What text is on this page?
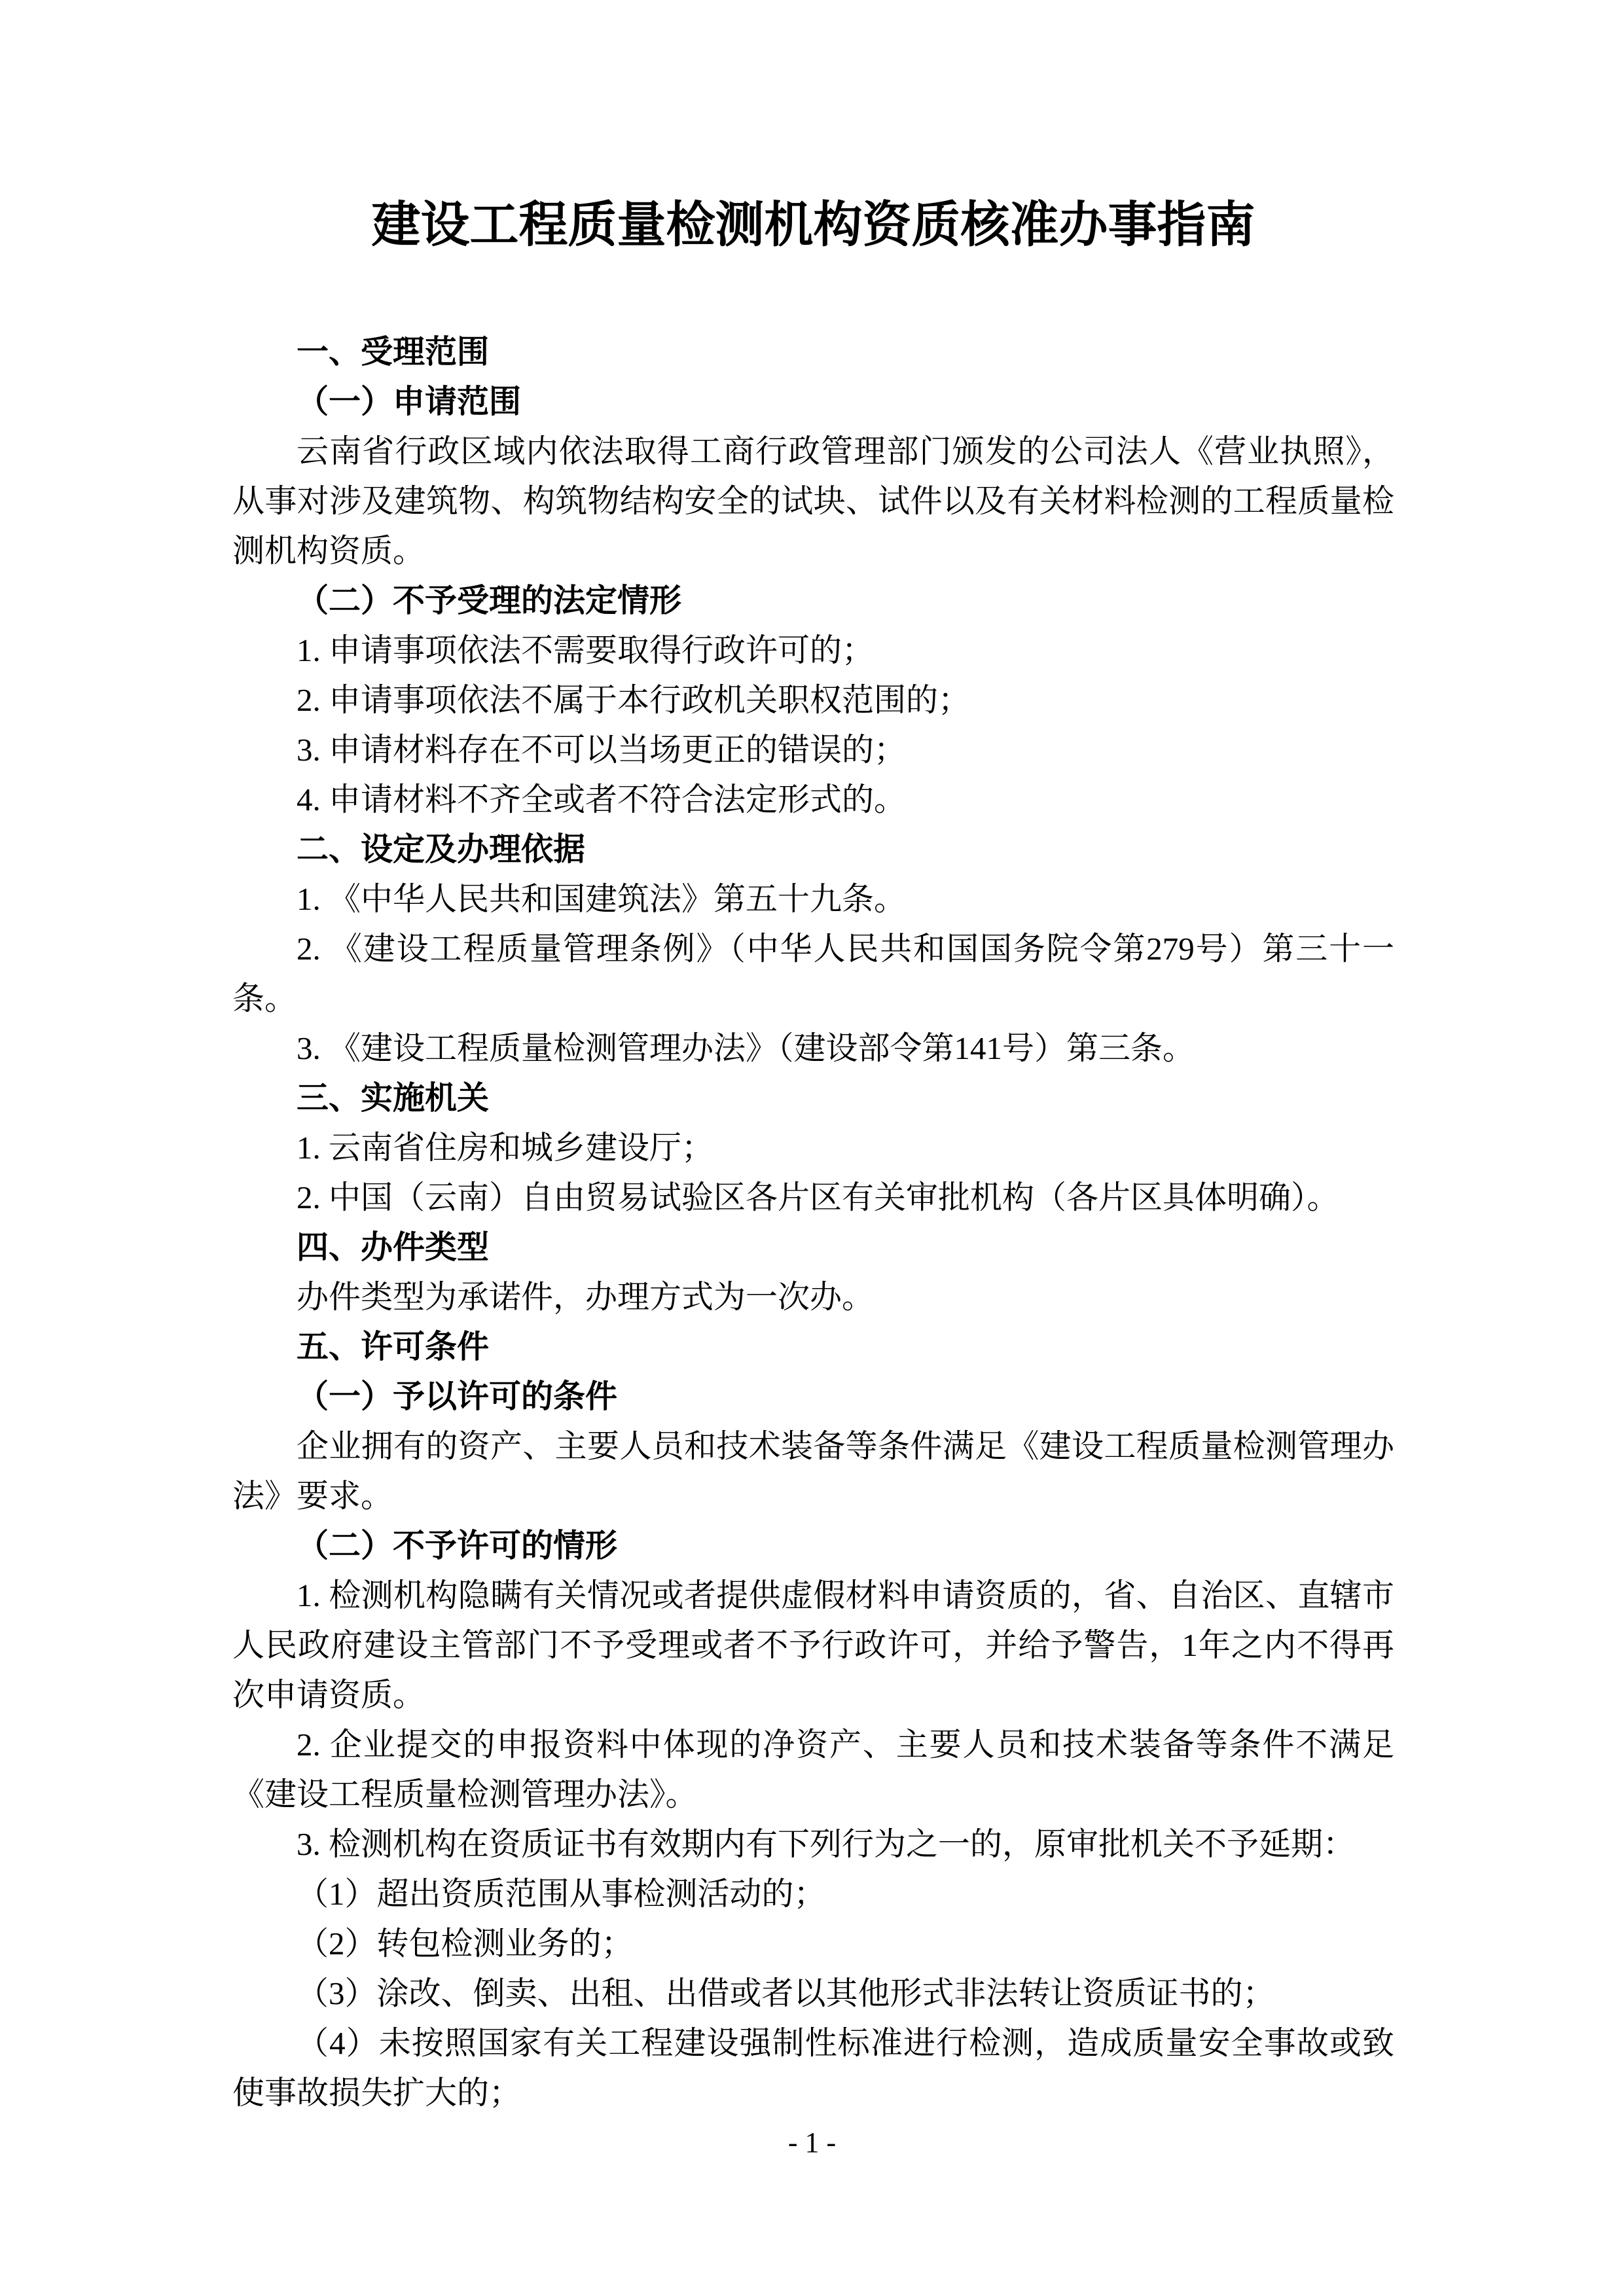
建设工程质量检测机构资质核准办事指南

一、受理范围

（一）申请范围

云南省行政区域内依法取得工商行政管理部门颁发的公司法人《营业执照》，从事对涉及建筑物、构筑物结构安全的试块、试件以及有关材料检测的工程质量检测机构资质。

（二）不予受理的法定情形

1. 申请事项依法不需要取得行政许可的；

2. 申请事项依法不属于本行政机关职权范围的；

3. 申请材料存在不可以当场更正的错误的；

4. 申请材料不齐全或者不符合法定形式的。

二、设定及办理依据

1. 《中华人民共和国建筑法》第五十九条。

2. 《建设工程质量管理条例》（中华人民共和国国务院令第279号）第三十一条。

3. 《建设工程质量检测管理办法》（建设部令第141号）第三条。

三、实施机关

1. 云南省住房和城乡建设厅；

2. 中国（云南）自由贸易试验区各片区有关审批机构（各片区具体明确）。

四、办件类型

办件类型为承诺件，办理方式为一次办。

五、许可条件

（一）予以许可的条件

企业拥有的资产、主要人员和技术装备等条件满足《建设工程质量检测管理办法》要求。

（二）不予许可的情形

1. 检测机构隐瞒有关情况或者提供虚假材料申请资质的，省、自治区、直辖市人民政府建设主管部门不予受理或者不予行政许可，并给予警告，1年之内不得再次申请资质。

2. 企业提交的申报资料中体现的净资产、主要人员和技术装备等条件不满足《建设工程质量检测管理办法》。

3. 检测机构在资质证书有效期内有下列行为之一的，原审批机关不予延期：

（1）超出资质范围从事检测活动的；

（2）转包检测业务的；

（3）涂改、倒卖、出租、出借或者以其他形式非法转让资质证书的；

（4）未按照国家有关工程建设强制性标准进行检测，造成质量安全事故或致使事故损失扩大的；

- 1 -
